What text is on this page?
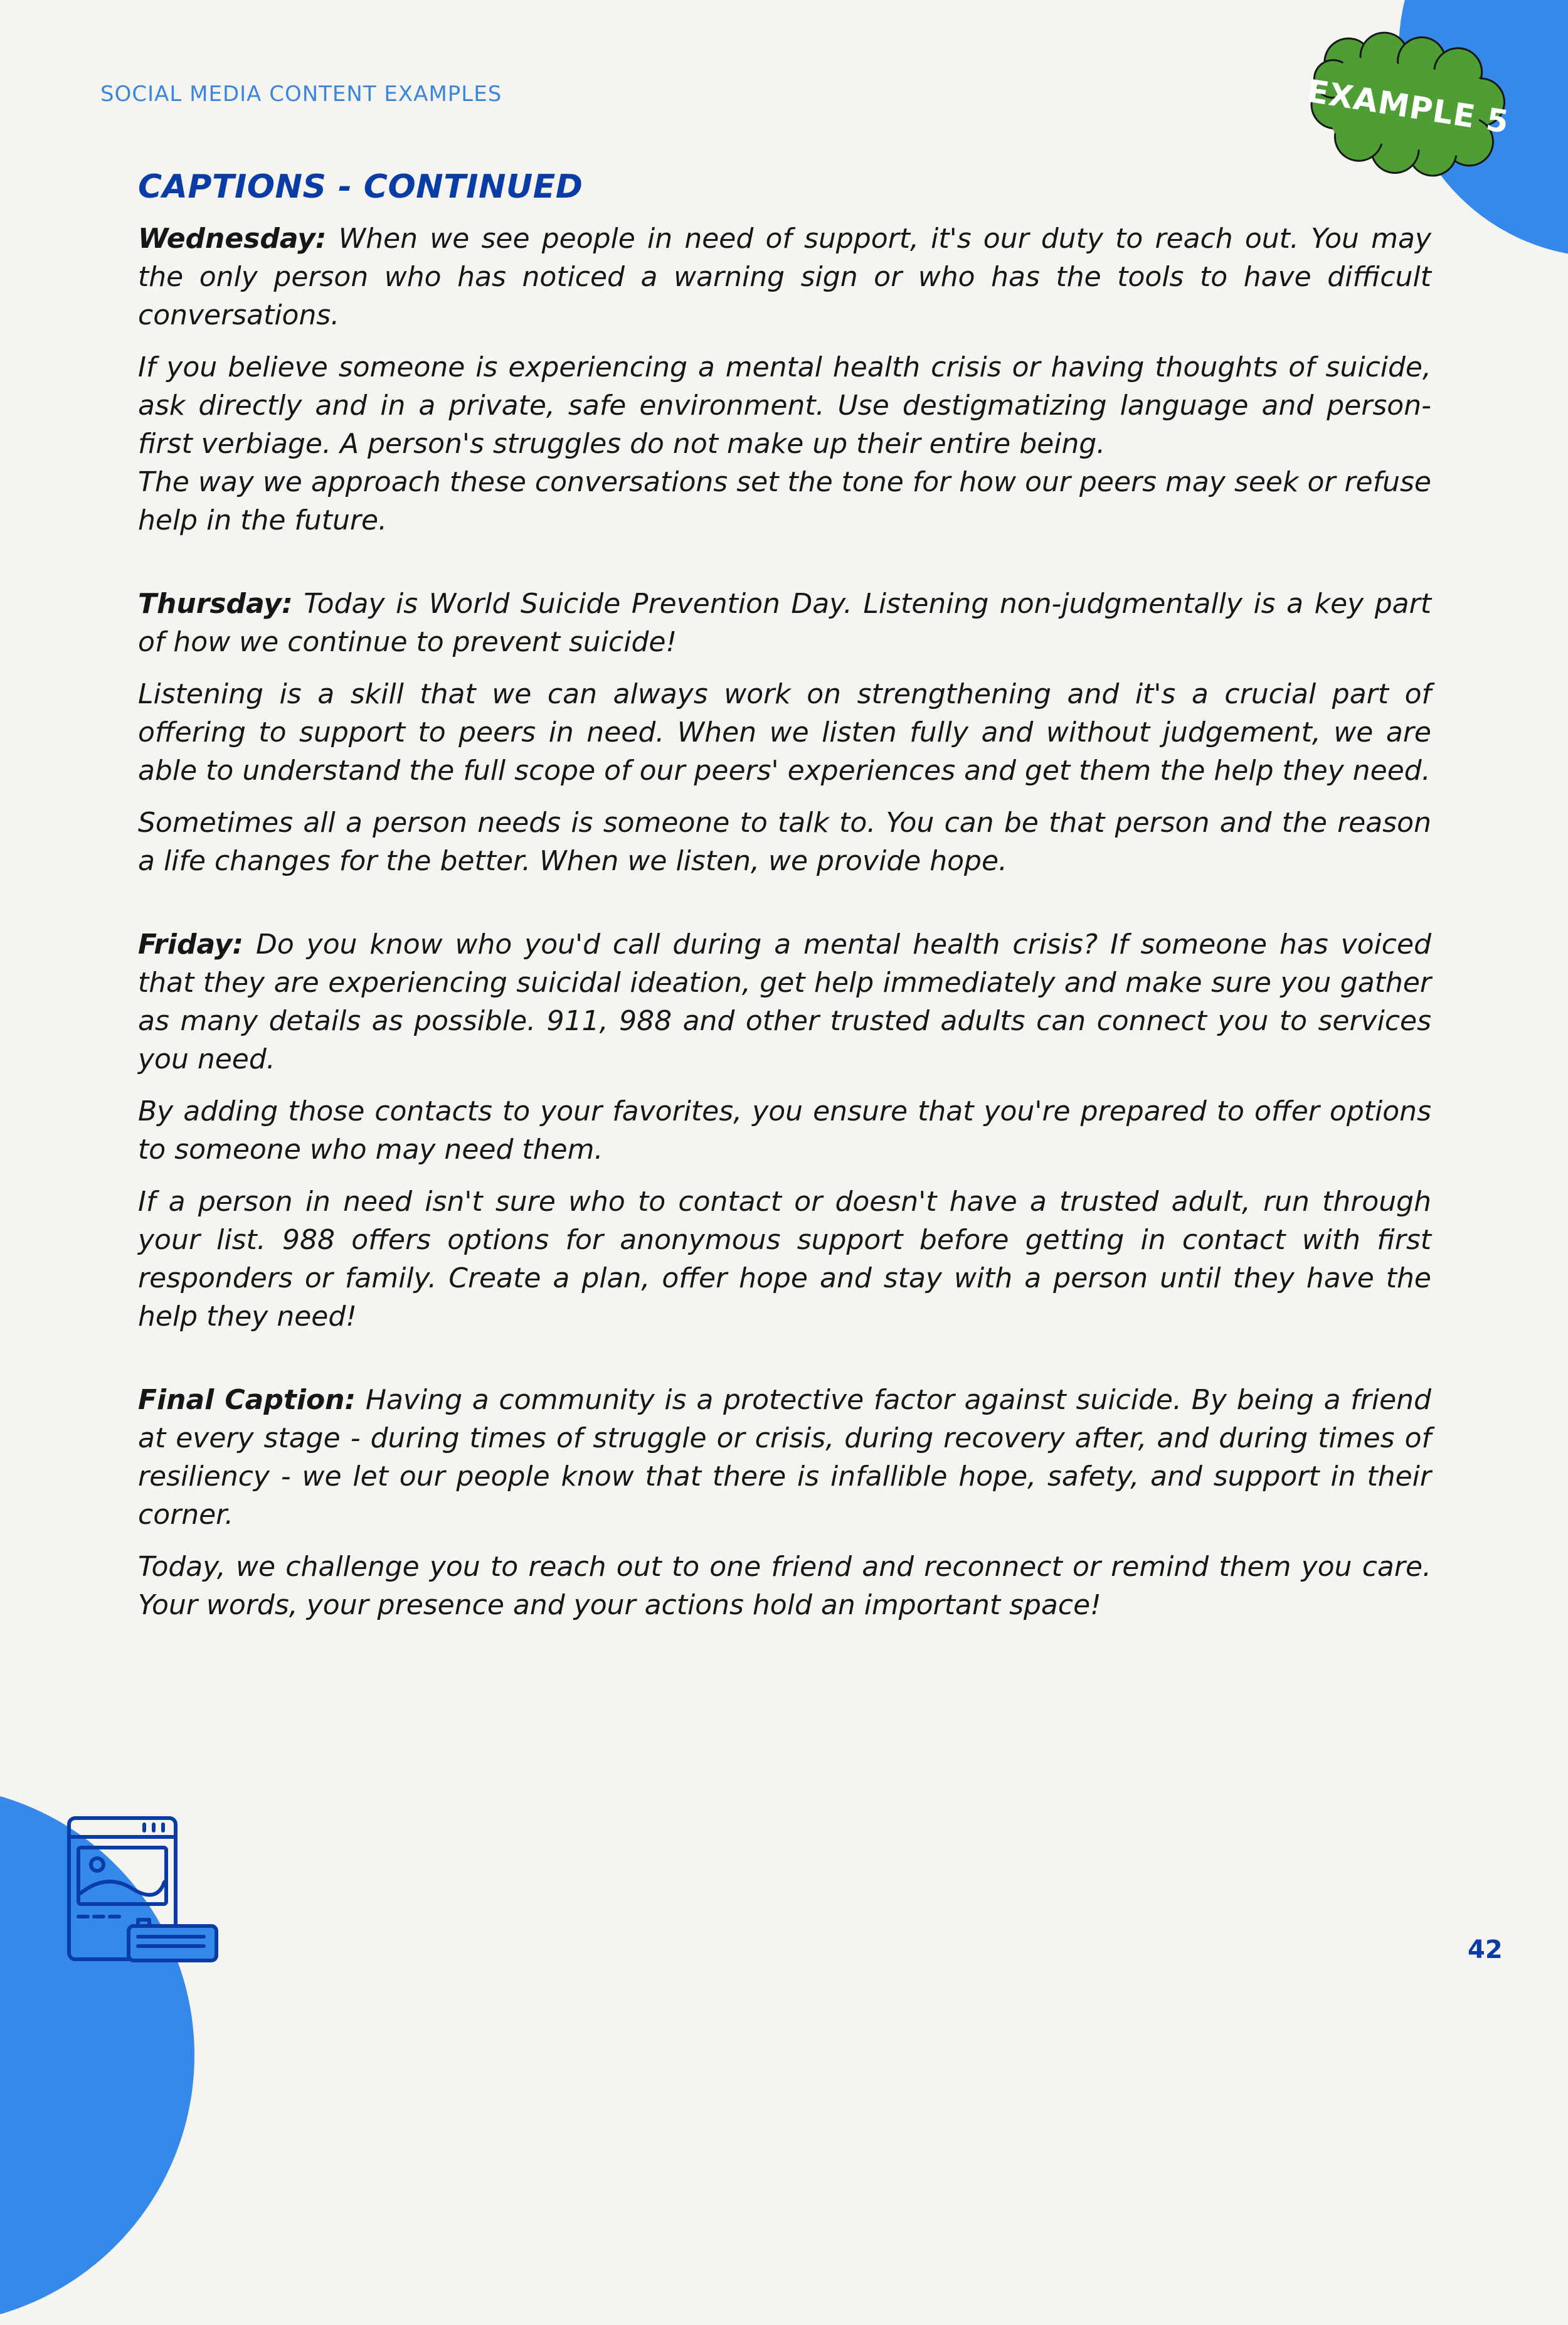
SOCIAL MEDIA CONTENT EXAMPLES	EXAMPLE 5
CAPTIONS - CONTINUED

Wednesday: When we see people in need of support, it's our duty to reach out. You may the only person who has noticed a warning sign or who has the tools to have difficult conversations.

If you believe someone is experiencing a mental health crisis or having thoughts of suicide, ask directly and in a private, safe environment. Use destigmatizing language and person-first verbiage. A person's struggles do not make up their entire being.

The way we approach these conversations set the tone for how our peers may seek or refuse help in the future.

Thursday: Today is World Suicide Prevention Day. Listening non-judgmentally is a key part of how we continue to prevent suicide!

Listening is a skill that we can always work on strengthening and it's a crucial part of offering to support to peers in need. When we listen fully and without judgement, we are able to understand the full scope of our peers' experiences and get them the help they need.

Sometimes all a person needs is someone to talk to. You can be that person and the reason a life changes for the better. When we listen, we provide hope.

Friday: Do you know who you'd call during a mental health crisis? If someone has voiced that they are experiencing suicidal ideation, get help immediately and make sure you gather as many details as possible. 911, 988 and other trusted adults can connect you to services you need.

By adding those contacts to your favorites, you ensure that you're prepared to offer options to someone who may need them.

If a person in need isn't sure who to contact or doesn't have a trusted adult, run through your list. 988 offers options for anonymous support before getting in contact with first responders or family. Create a plan, offer hope and stay with a person until they have the help they need!

Final Caption: Having a community is a protective factor against suicide. By being a friend at every stage - during times of struggle or crisis, during recovery after, and during times of resiliency - we let our people know that there is infallible hope, safety, and support in their corner.

Today, we challenge you to reach out to one friend and reconnect or remind them you care. Your words, your presence and your actions hold an important space!

42
